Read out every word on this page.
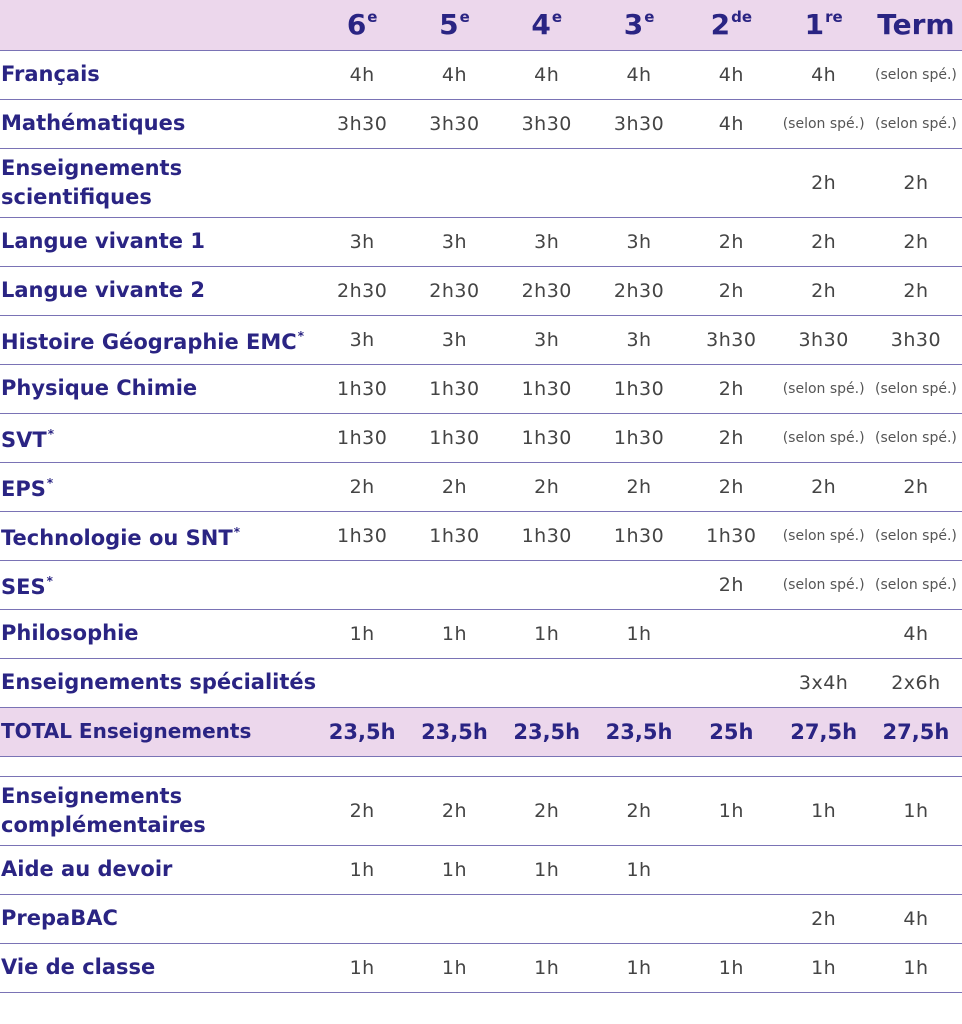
	6e	5e	4e	3e	2de	1re	Term
Français	4h	4h	4h	4h	4h	4h	(selon spé.)
Mathématiques	3h30	3h30	3h30	3h30	4h	(selon spé.)	(selon spé.)
Enseignements
scientifiques						2h	2h
Langue vivante 1	3h	3h	3h	3h	2h	2h	2h
Langue vivante 2	2h30	2h30	2h30	2h30	2h	2h	2h
Histoire Géographie EMC*	3h	3h	3h	3h	3h30	3h30	3h30
Physique Chimie	1h30	1h30	1h30	1h30	2h	(selon spé.)	(selon spé.)
SVT*	1h30	1h30	1h30	1h30	2h	(selon spé.)	(selon spé.)
EPS*	2h	2h	2h	2h	2h	2h	2h
Technologie ou SNT*	1h30	1h30	1h30	1h30	1h30	(selon spé.)	(selon spé.)
SES*					2h	(selon spé.)	(selon spé.)
Philosophie	1h	1h	1h	1h			4h
Enseignements spécialités						3x4h	2x6h
TOTAL Enseignements	23,5h	23,5h	23,5h	23,5h	25h	27,5h	27,5h

Enseignements
complémentaires	2h	2h	2h	2h	1h	1h	1h
Aide au devoir	1h	1h	1h	1h			
PrepaBAC						2h	4h
Vie de classe	1h	1h	1h	1h	1h	1h	1h
